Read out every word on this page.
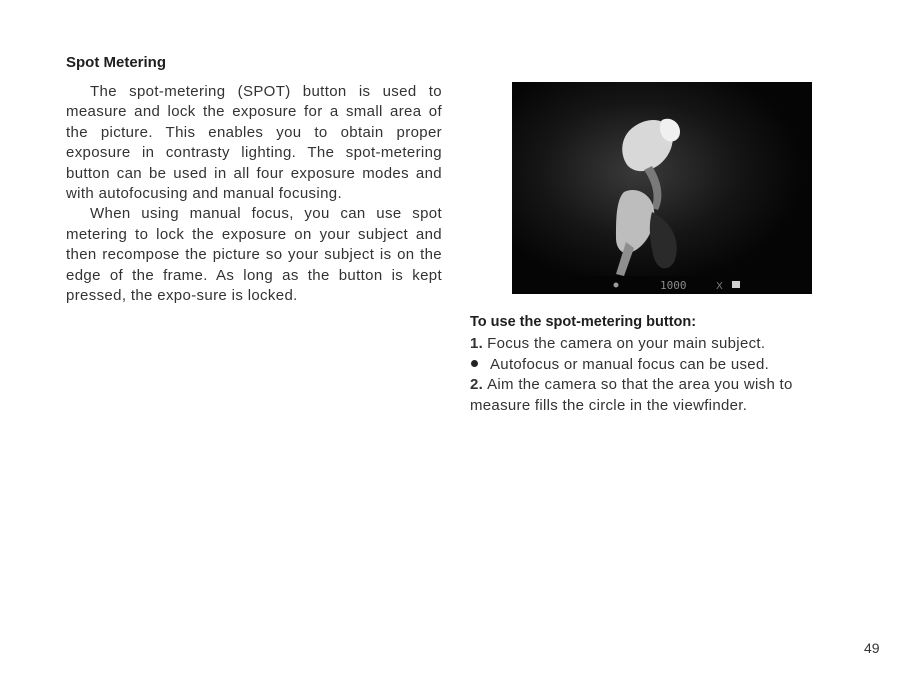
Spot Metering

The spot-metering (SPOT) button is used to measure and lock the exposure for a small area of the picture. This enables you to obtain proper exposure in contrasty lighting. The spot-metering button can be used in all four exposure modes and with autofocusing and manual focusing.

When using manual focus, you can use spot metering to lock the exposure on your subject and then recompose the picture so your subject is on the edge of the frame. As long as the button is kept pressed, the expo-sure is locked.

1000	X

To use the spot-metering button:

1. Focus the camera on your main subject.

Autofocus or manual focus can be used.

2. Aim the camera so that the area you wish to measure fills the circle in the viewfinder.

49
